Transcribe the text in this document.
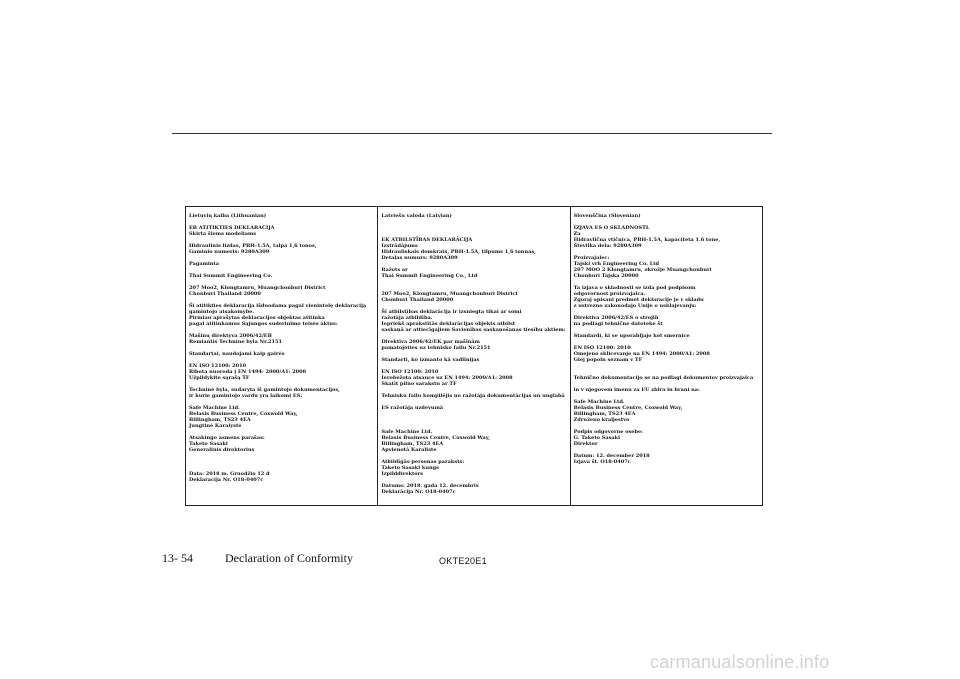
Lietuvių kalba (Lithuanian)
EB ATITIKTIES DEKLARACIJA
Skirta šiems modeliams
Hidraulinis lizdas, PBH-1.5A, talpa 1,6 tonos,
Gaminio numeris: 9280A309
Pagaminta
Thai Summit Engineering Co.
207 Moo2, Klongtamru, Muangchonburi District
Chonburi Thailand 20000
Ši atitikties deklaracija išduodama pagal vienintelę deklaraciją
gamintojo atsakomybe.
Pirmiau aprašytas deklaracijos objektas atitinka
pagal atitinkamus Sąjungos suderinimo teisės aktus:
Mašinų direktyva 2006/42/EB
Remiantis Technine byla Nr.2151
Standartai, naudojami kaip gairės
EN ISO 12100: 2010
Ribota nuoroda į EN 1494: 2000/A1: 2008
Užpildykite sąrašą TF
Techninė byla, sudaryta iš gamintojo dokumentacijos,
ir kurie gamintojo vardu yra laikomi ES:
Safe Machine Ltd.
Belasis Business Centre, Coxwold Way,
Billingham, TS23 4EA
Jungtinė Karalystė
Atsakingo asmens parašas:
Taketo Sasaki
Generalinis direktorius
Data: 2018 m. Gruodžio 12 d
Deklaracija Nr. O18-0407c
Latviešu valoda (Latvian)
EK ATBILSTĪBAS DEKLARĀCIJA
Izstrādājums
Hidrauliskais domkrats, PBH-1.5A, tilpums 1,6 tonnas,
Detaļas numurs: 9280A309
Ražots ar
Thai Summit Engineering Co., Ltd
207 Moo2, Klongtamru, Muangchonburi District
Chonburi Thailand 20000
Šī atbilstības deklarācija ir izsniegta tikai ar somi
ražotāja atbildība.
Iepriekš aprakstītās deklarācijas objekts atbilst
saskaņā ar attiecīgajiem Savienības saskaņošanas tiesību aktiem:
Direktīva 2006/42/EK par mašīnām
pamatojoties uz tehnisko failu Nr.2151
Standarti, ko izmanto kā vadlīnijas
EN ISO 12100: 2010
Ierobežota atsauce uz EN 1494: 2000/A1: 2008
Skatīt pilno sarakstu ar TF
Tehnisku failu kompilējis no ražotāja dokumentācijas un unglabā
ES ražotāja uzdevumā
Safe Machine Ltd.
Belasis Business Centre, Coxwold Way,
Billingham, TS23 4EA
Apvienotā Karaliste
Atbildīgās personas paraksts:
Taketo Sasaki kungs
Izpilddirektors
Datums: 2018. gada 12. decembris
Deklarācija Nr. O18-0407c
Slovenščina (Slovenian)
IZJAVA ES O SKLADNOSTI.
Za
Hidravlična vtičnica, PBH-1.5A, kapaciteta 1.6 tone,
Številka dela: 9280A309
Proizvajalec:
Tajski vrh Engineering Co. Ltd
207 MOO 2 Klongtamru, okrožje Muangchonburi
Chonburi Tajska 20000
Ta izjava o skladnosti se izda pod podpisom
odgovornost proizvajalca.
Zgoraj opisani predmet deklaracije je v skladu
z ustrezno zakonodajo Unije o usklajevanju:
Direktiva 2006/42/ES o strojih
na podlagi tehnične datoteke št
Standardi, ki se uporabljajo kot smernice
EN ISO 12100: 2010
Omejeno sklicevanje na EN 1494: 2000/A1: 2008
Glej popoln seznam v TF
Tehnično dokumentacijo se na podlagi dokumentov proizvajalca
in v njegovem imenu za EU zbira in hrani na:
Safe Machine Ltd.
Belasis Business Centre, Coxwold Way,
Billingham, TS23 4EA
Združeno kraljestvo
Podpis odgovorne osebe:
G. Taketo Sasaki
Direktor
Datum: 12. december 2018
Izjava št. O18-0407c
13- 54	Declaration of Conformity	OKTE20E1
carmanualsonline.info
